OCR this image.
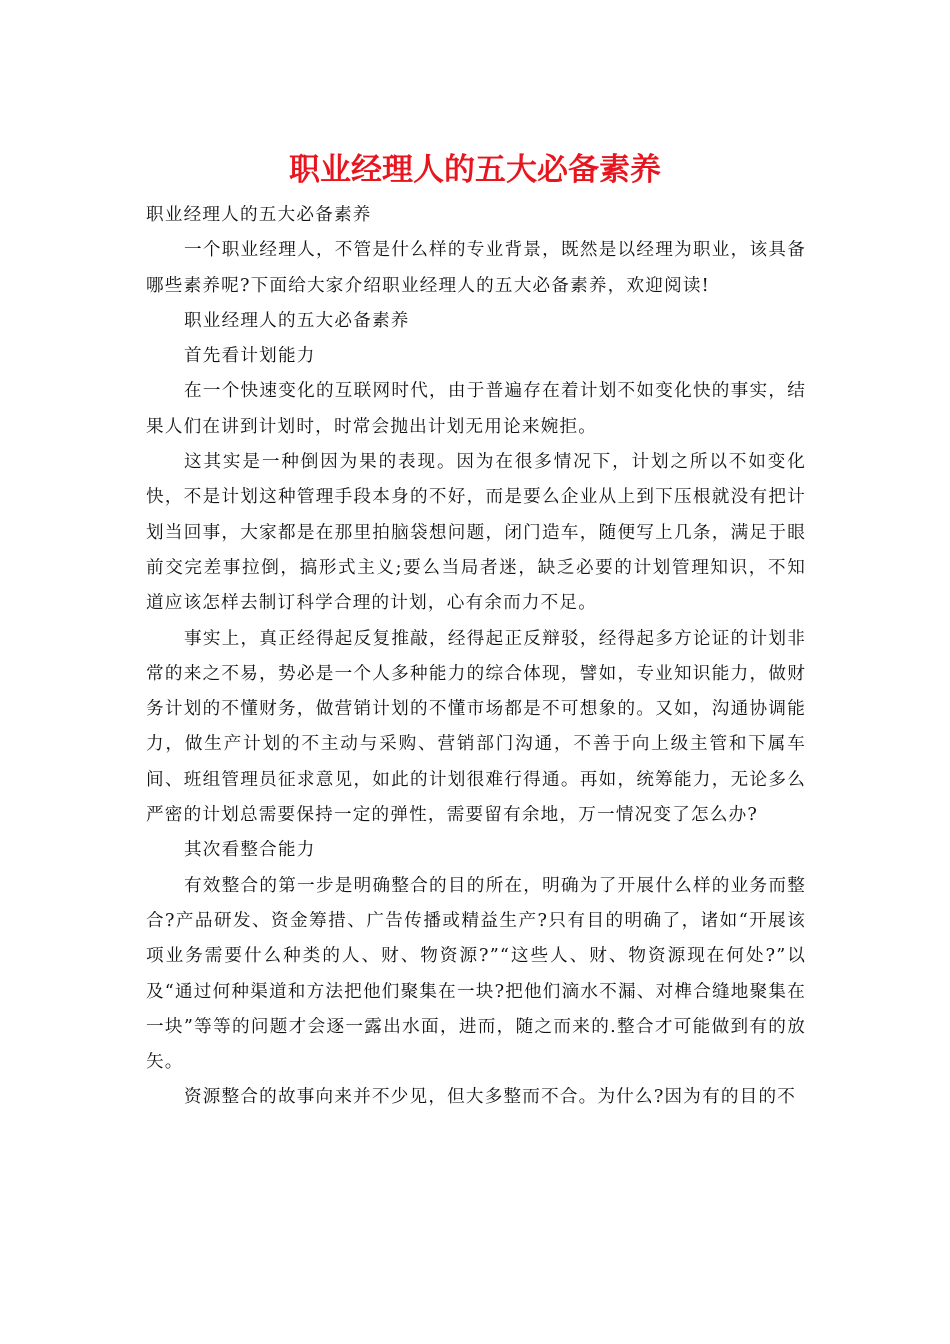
职业经理人的五大必备素养

职业经理人的五大必备素养

一个职业经理人，不管是什么样的专业背景，既然是以经理为职业，该具备哪些素养呢?下面给大家介绍职业经理人的五大必备素养，欢迎阅读!

职业经理人的五大必备素养

首先看计划能力

在一个快速变化的互联网时代，由于普遍存在着计划不如变化快的事实，结果人们在讲到计划时，时常会抛出计划无用论来婉拒。

这其实是一种倒因为果的表现。因为在很多情况下，计划之所以不如变化快，不是计划这种管理手段本身的不好，而是要么企业从上到下压根就没有把计划当回事，大家都是在那里拍脑袋想问题，闭门造车，随便写上几条，满足于眼前交完差事拉倒，搞形式主义;要么当局者迷，缺乏必要的计划管理知识，不知道应该怎样去制订科学合理的计划，心有余而力不足。

事实上，真正经得起反复推敲，经得起正反辩驳，经得起多方论证的计划非常的来之不易，势必是一个人多种能力的综合体现，譬如，专业知识能力，做财务计划的不懂财务，做营销计划的不懂市场都是不可想象的。又如，沟通协调能力，做生产计划的不主动与采购、营销部门沟通，不善于向上级主管和下属车间、班组管理员征求意见，如此的计划很难行得通。再如，统筹能力，无论多么严密的计划总需要保持一定的弹性，需要留有余地，万一情况变了怎么办?

其次看整合能力

有效整合的第一步是明确整合的目的所在，明确为了开展什么样的业务而整合?产品研发、资金筹措、广告传播或精益生产?只有目的明确了，诸如“开展该项业务需要什么种类的人、财、物资源?”“这些人、财、物资源现在何处?”以及“通过何种渠道和方法把他们聚集在一块?把他们滴水不漏、对榫合缝地聚集在一块”等等的问题才会逐一露出水面，进而，随之而来的.整合才可能做到有的放矢。

资源整合的故事向来并不少见，但大多整而不合。为什么?因为有的目的不
